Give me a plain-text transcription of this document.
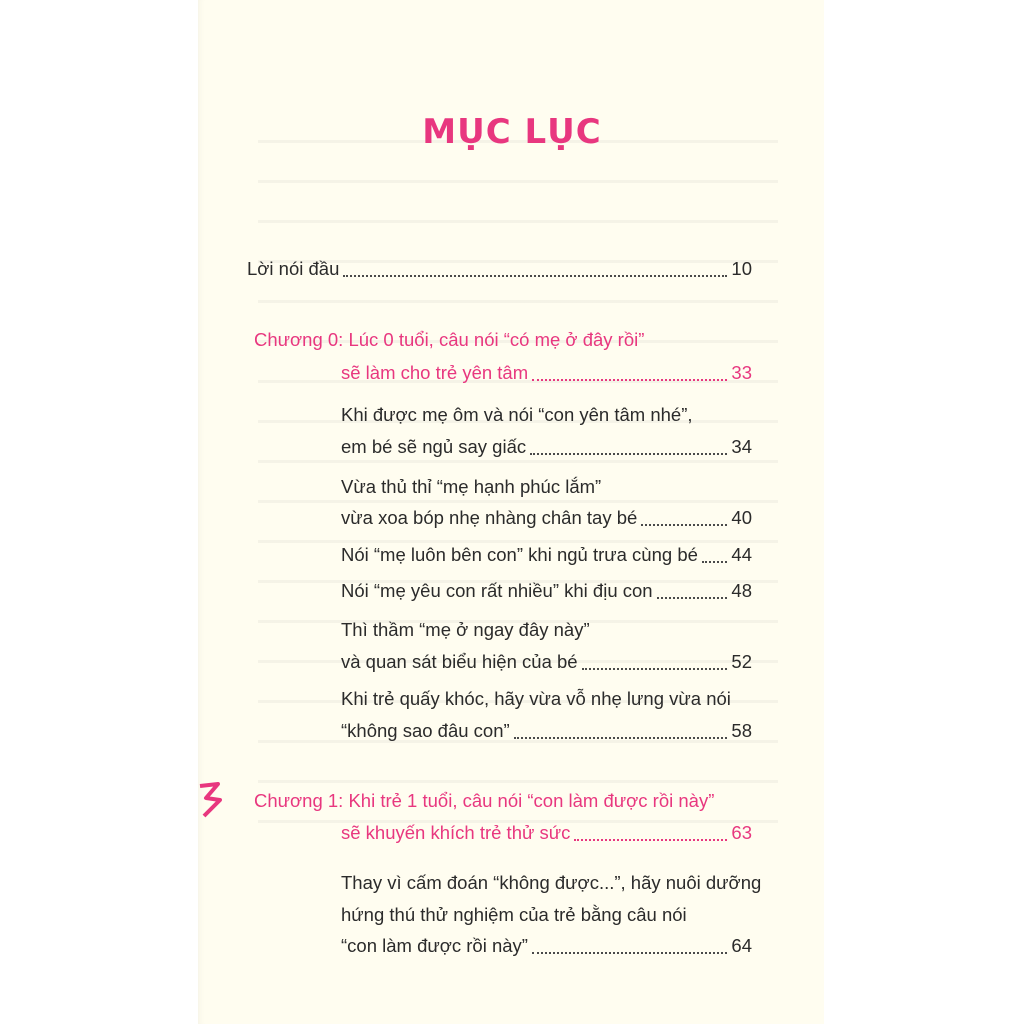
MỤC LỤC
Lời nói đầu	10
Chương 0: Lúc 0 tuổi, câu nói “có mẹ ở đây rồi”
sẽ làm cho trẻ yên tâm	33
Khi được mẹ ôm và nói “con yên tâm nhé”,
em bé sẽ ngủ say giấc	34
Vừa thủ thỉ “mẹ hạnh phúc lắm”
vừa xoa bóp nhẹ nhàng chân tay bé	40
Nói “mẹ luôn bên con” khi ngủ trưa cùng bé 44
Nói “mẹ yêu con rất nhiều” khi địu con	48
Thì thầm “mẹ ở ngay đây này”
và quan sát biểu hiện của bé	52
Khi trẻ quấy khóc, hãy vừa vỗ nhẹ lưng vừa nói
“không sao đâu con”	58
Chương 1: Khi trẻ 1 tuổi, câu nói “con làm được rồi này”
sẽ khuyến khích trẻ thử sức	63
Thay vì cấm đoán “không được...”, hãy nuôi dưỡng
hứng thú thử nghiệm của trẻ bằng câu nói
“con làm được rồi này”	64
